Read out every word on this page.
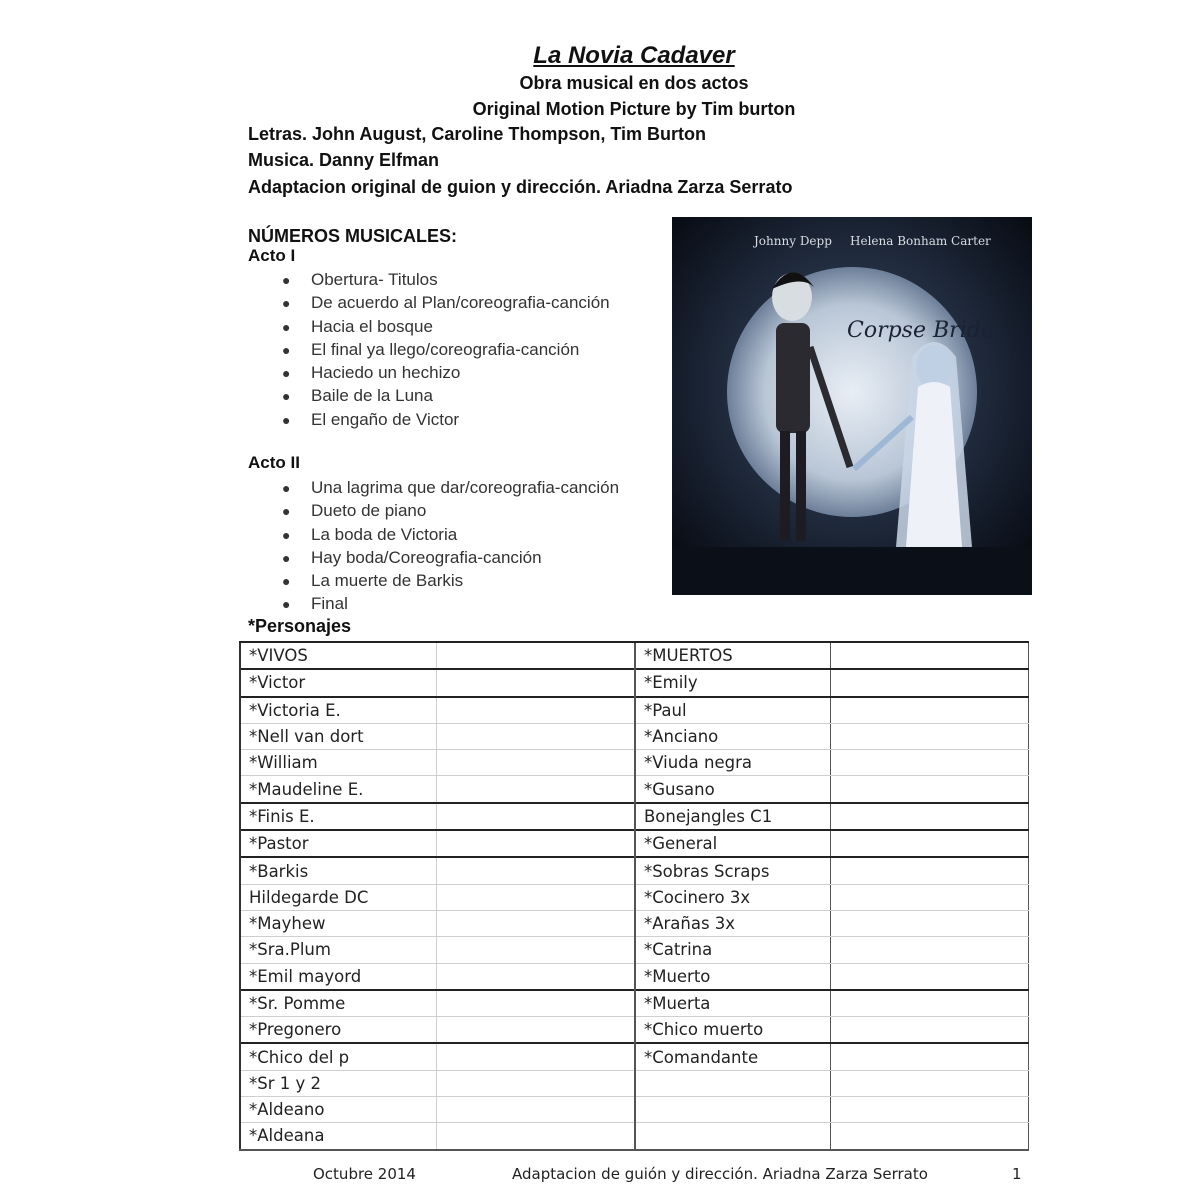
La Novia Cadaver
Obra musical en dos actos
Original Motion Picture by Tim burton
Letras. John August, Caroline Thompson, Tim Burton
Musica. Danny Elfman
Adaptacion original de guion y dirección. Ariadna Zarza Serrato
NÚMEROS MUSICALES:
Acto I
● Obertura- Titulos
● De acuerdo al Plan/coreografia-canción
● Hacia el bosque
● El final ya llego/coreografia-canción
● Haciedo un hechizo
● Baile de la Luna
● El engaño de Victor
Acto II
● Una lagrima que dar/coreografia-canción
● Dueto de piano
● La boda de Victoria
● Hay boda/Coreografia-canción
● La muerte de Barkis
● Final
Corpse Bride
Johnny Depp Helena Bonham Carter
*Personajes
*VIVOS		*MUERTOS	
*Victor		*Emily	
*Victoria E.		*Paul	
*Nell van dort		*Anciano	
*William		*Viuda negra	
*Maudeline E.		*Gusano	
*Finis E.		Bonejangles C1	
*Pastor		*General	
*Barkis		*Sobras Scraps	
Hildegarde DC		*Cocinero 3x	
*Mayhew		*Arañas 3x	
*Sra.Plum		*Catrina	
*Emil mayord		*Muerto	
*Sr. Pomme		*Muerta	
*Pregonero		*Chico muerto	
*Chico del p		*Comandante	
*Sr 1 y 2			
*Aldeano			
*Aldeana			
Octubre 2014	Adaptacion de guión y dirección. Ariadna Zarza Serrato	1
